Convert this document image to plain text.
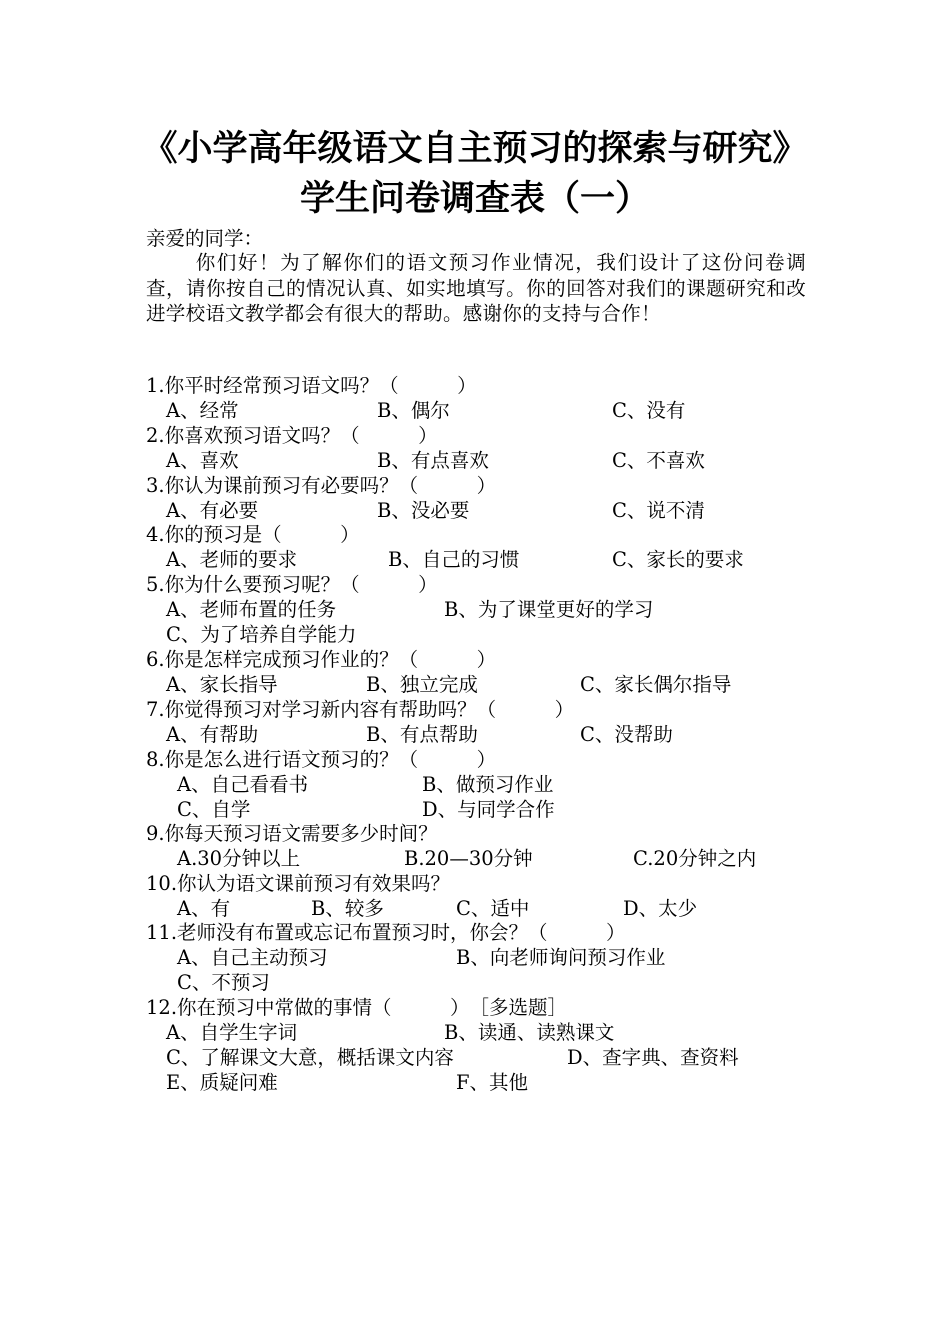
《小学高年级语文自主预习的探索与研究》
学生问卷调查表（一）
亲爱的同学：

你们好！为了解你们的语文预习作业情况，我们设计了这份问卷调查，请你按自己的情况认真、如实地填写。你的回答对我们的课题研究和改进学校语文教学都会有很大的帮助。感谢你的支持与合作！

1.你平时经常预习语文吗？（　　　）
A、经常	B、偶尔	C、没有
2.你喜欢预习语文吗？（　　　）
A、喜欢	B、有点喜欢	C、不喜欢
3.你认为课前预习有必要吗？（　　　）
A、有必要	B、没必要	C、说不清
4.你的预习是（　　　）
A、老师的要求	B、自己的习惯	C、家长的要求
5.你为什么要预习呢？（　　　）
A、老师布置的任务	B、为了课堂更好的学习
C、为了培养自学能力
6.你是怎样完成预习作业的？（　　　）
A、家长指导	B、独立完成	C、家长偶尔指导
7.你觉得预习对学习新内容有帮助吗？（　　　）
A、有帮助	B、有点帮助	C、没帮助
8.你是怎么进行语文预习的？（　　　）
A、自己看看书	B、做预习作业
C、自学	D、与同学合作
9.你每天预习语文需要多少时间？
A.30分钟以上	B.20—30分钟	C.20分钟之内
10.你认为语文课前预习有效果吗？
A、有	B、较多	C、适中	D、太少
11.老师没有布置或忘记布置预习时，你会？（　　　）
A、自己主动预习	B、向老师询问预习作业
C、不预习
12.你在预习中常做的事情（　　　）　［多选题］
A、自学生字词	B、读通、读熟课文
C、了解课文大意，概括课文内容	D、查字典、查资料
E、质疑问难	F、其他
